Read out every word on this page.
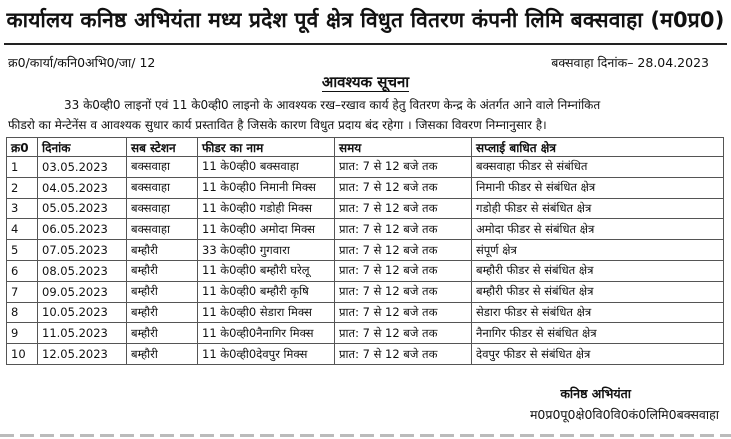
कार्यालय कनिष्ठ अभियंता मध्य प्रदेश पूर्व क्षेत्र विधुत वितरण कंपनी लिमि बक्सवाहा (म0प्र0)
क्र0/कार्या/कनि0अभि0/जा/ 12	बक्सवाहा दिनांक– 28.04.2023
आवश्यक सूचना
33 के0व्ही0 लाइनों एवं 11 के0व्ही0 लाइनो के आवश्यक रख–रखाव कार्य हेतु वितरण केन्द्र के अंतर्गत आने वाले निम्नांकित
फीडरो का मेन्टेनेंस व आवश्यक सुधार कार्य प्रस्तावित है जिसके कारण विधुत प्रदाय बंद रहेगा । जिसका विवरण निम्नानुसार है।
क्र0	दिनांक	सब स्टेशन	फीडर का नाम	समय	सप्लाई बाधित क्षेत्र
1	03.05.2023	बक्सवाहा	11 के0व्ही0 बक्सवाहा	प्रात: 7 से 12 बजे तक	बक्सवाहा फीडर से संबंधित
2	04.05.2023	बक्सवाहा	11 के0व्ही0 निमानी मिक्स	प्रात: 7 से 12 बजे तक	निमानी फीडर से संबंधित क्षेत्र
3	05.05.2023	बक्सवाहा	11 के0व्ही0 गडोही मिक्स	प्रात: 7 से 12 बजे तक	गडोही फीडर से संबंधित क्षेत्र
4	06.05.2023	बक्सवाहा	11 के0व्ही0 अमोदा मिक्स	प्रात: 7 से 12 बजे तक	अमोदा फीडर से संबंधित क्षेत्र
5	07.05.2023	बम्हौरी	33 के0व्ही0 गुगवारा	प्रात: 7 से 12 बजे तक	संपूर्ण क्षेत्र
6	08.05.2023	बम्हौरी	11 के0व्ही0 बम्हौरी घरेलू	प्रात: 7 से 12 बजे तक	बम्हौरी फीडर से संबंधित क्षेत्र
7	09.05.2023	बम्हौरी	11 के0व्ही0 बम्हौरी कृषि	प्रात: 7 से 12 बजे तक	बम्हौरी फीडर से संबंधित क्षेत्र
8	10.05.2023	बम्हौरी	11 के0व्ही0 सेडारा मिक्स	प्रात: 7 से 12 बजे तक	सेडारा फीडर से संबंधित क्षेत्र
9	11.05.2023	बम्हौरी	11 के0व्ही0नैनागिर मिक्स	प्रात: 7 से 12 बजे तक	नैनागिर फीडर से संबंधित क्षेत्र
10	12.05.2023	बम्हौरी	11 के0व्ही0देवपुर मिक्स	प्रात: 7 से 12 बजे तक	देवपुर फीडर से संबंधित क्षेत्र
कनिष्ठ अभियंता
म0प्र0पू0क्षे0वि0वि0कं0लिमि0बक्सवाहा
